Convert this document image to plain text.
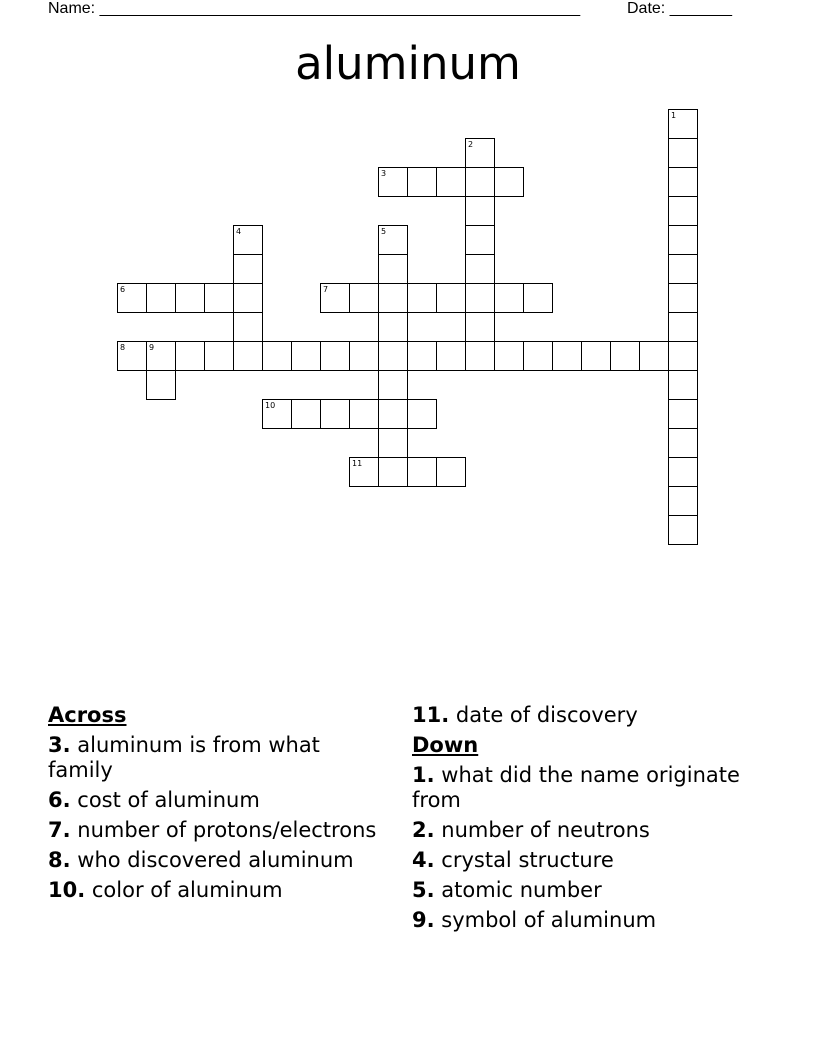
Name: ______________________________________________________	Date: _______
aluminum
1
2
3
4	5
6	7
8	9
10
11
Across
3. aluminum is from what family
6. cost of aluminum
7. number of protons/electrons
8. who discovered aluminum
10. color of aluminum
11. date of discovery
Down
1. what did the name originate from
2. number of neutrons
4. crystal structure
5. atomic number
9. symbol of aluminum
